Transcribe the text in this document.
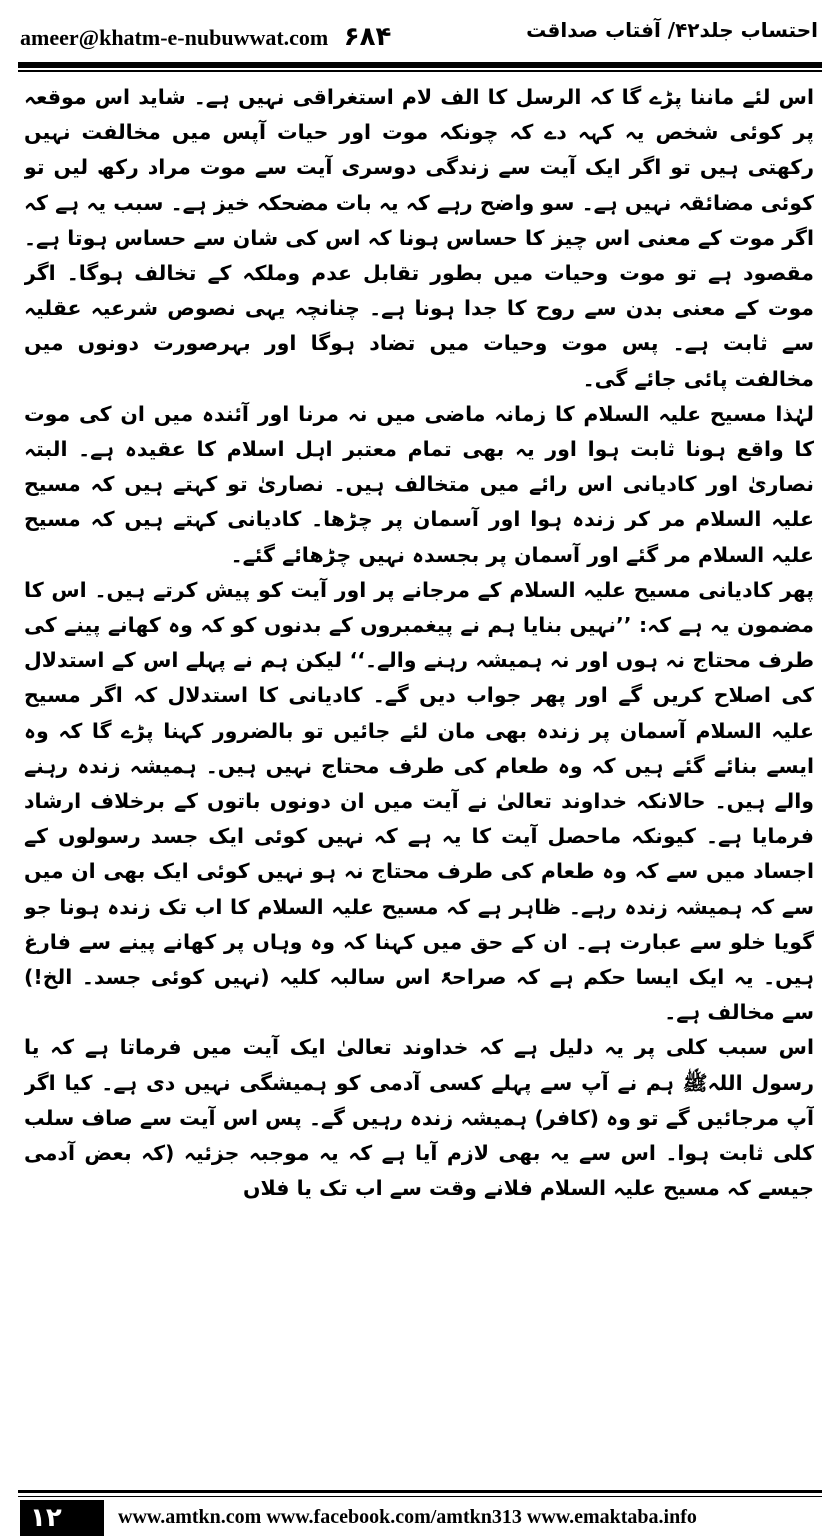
ameer@khatm-e-nubuwwat.com ۶۸۴	احتساب جلد۴۲/ آفتاب صداقت

اس لئے ماننا پڑے گا کہ الرسل کا الف لام استغراقی نہیں ہے۔ شاید اس موقعہ پر کوئی شخص یہ کہہ دے کہ چونکہ موت اور حیات آپس میں مخالفت نہیں رکھتی ہیں تو اگر ایک آیت سے زندگی دوسری آیت سے موت مراد رکھ لیں تو کوئی مضائقہ نہیں ہے۔ سو واضح رہے کہ یہ بات مضحکہ خیز ہے۔ سبب یہ ہے کہ اگر موت کے معنی اس چیز کا حساس ہونا کہ اس کی شان سے حساس ہوتا ہے۔ مقصود ہے تو موت وحیات میں بطور تقابل عدم وملکہ کے تخالف ہوگا۔ اگر موت کے معنی بدن سے روح کا جدا ہونا ہے۔ چنانچہ یہی نصوص شرعیہ عقلیہ سے ثابت ہے۔ پس موت وحیات میں تضاد ہوگا اور بہرصورت دونوں میں مخالفت پائی جائے گی۔

لہٰذا مسیح علیہ السلام کا زمانہ ماضی میں نہ مرنا اور آئندہ میں ان کی موت کا واقع ہونا ثابت ہوا اور یہ بھی تمام معتبر اہل اسلام کا عقیدہ ہے۔ البتہ نصاریٰ اور کادیانی اس رائے میں متخالف ہیں۔ نصاریٰ تو کہتے ہیں کہ مسیح علیہ السلام مر کر زندہ ہوا اور آسمان پر چڑھا۔ کادیانی کہتے ہیں کہ مسیح علیہ السلام مر گئے اور آسمان پر بجسدہ نہیں چڑھائے گئے۔

پھر کادیانی مسیح علیہ السلام کے مرجانے پر اور آیت کو پیش کرتے ہیں۔ اس کا مضمون یہ ہے کہ: ’’نہیں بنایا ہم نے پیغمبروں کے بدنوں کو کہ وہ کھانے پینے کی طرف محتاج نہ ہوں اور نہ ہمیشہ رہنے والے۔‘‘ لیکن ہم نے پہلے اس کے استدلال کی اصلاح کریں گے اور پھر جواب دیں گے۔ کادیانی کا استدلال کہ اگر مسیح علیہ السلام آسمان پر زندہ بھی مان لئے جائیں تو بالضرور کہنا پڑے گا کہ وہ ایسے بنائے گئے ہیں کہ وہ طعام کی طرف محتاج نہیں ہیں۔ ہمیشہ زندہ رہنے والے ہیں۔ حالانکہ خداوند تعالیٰ نے آیت میں ان دونوں باتوں کے برخلاف ارشاد فرمایا ہے۔ کیونکہ ماحصل آیت کا یہ ہے کہ نہیں کوئی ایک جسد رسولوں کے اجساد میں سے کہ وہ طعام کی طرف محتاج نہ ہو نہیں کوئی ایک بھی ان میں سے کہ ہمیشہ زندہ رہے۔ ظاہر ہے کہ مسیح علیہ السلام کا اب تک زندہ ہونا جو گویا خلو سے عبارت ہے۔ ان کے حق میں کہنا کہ وہ وہاں پر کھانے پینے سے فارغ ہیں۔ یہ ایک ایسا حکم ہے کہ صراحۃً اس سالبہ کلیہ (نہیں کوئی جسد۔ الخ!) سے مخالف ہے۔

اس سبب کلی پر یہ دلیل ہے کہ خداوند تعالیٰ ایک آیت میں فرماتا ہے کہ یا رسول اللہﷺ ہم نے آپ سے پہلے کسی آدمی کو ہمیشگی نہیں دی ہے۔ کیا اگر آپ مرجائیں گے تو وہ (کافر) ہمیشہ زندہ رہیں گے۔ پس اس آیت سے صاف سلب کلی ثابت ہوا۔ اس سے یہ بھی لازم آیا ہے کہ یہ موجبہ جزئیہ (کہ بعض آدمی جیسے کہ مسیح علیہ السلام فلانے وقت سے اب تک یا فلاں

۱۲	www.amtkn.com www.facebook.com/amtkn313 www.emaktaba.info
